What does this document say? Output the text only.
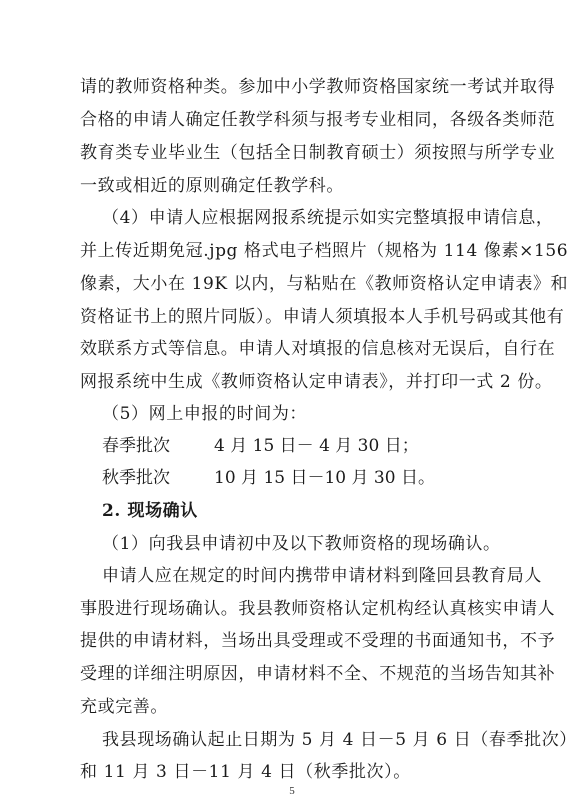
请的教师资格种类。参加中小学教师资格国家统一考试并取得
合格的申请人确定任教学科须与报考专业相同，各级各类师范
教育类专业毕业生（包括全日制教育硕士）须按照与所学专业
一致或相近的原则确定任教学科。
（4）申请人应根据网报系统提示如实完整填报申请信息，
并上传近期免冠.jpg 格式电子档照片（规格为 114 像素×156
像素，大小在 19K 以内，与粘贴在《教师资格认定申请表》和
资格证书上的照片同版）。申请人须填报本人手机号码或其他有
效联系方式等信息。申请人对填报的信息核对无误后，自行在
网报系统中生成《教师资格认定申请表》，并打印一式 2 份。
（5）网上申报的时间为：
春季批次	4 月 15 日－ 4 月 30 日；
秋季批次	10 月 15 日－10 月 30 日。
2. 现场确认
（1）向我县申请初中及以下教师资格的现场确认。
申请人应在规定的时间内携带申请材料到隆回县教育局人
事股进行现场确认。我县教师资格认定机构经认真核实申请人
提供的申请材料，当场出具受理或不受理的书面通知书，不予
受理的详细注明原因，申请材料不全、不规范的当场告知其补
充或完善。
我县现场确认起止日期为 5 月 4 日－5 月 6 日（春季批次）
和 11 月 3 日－11 月 4 日（秋季批次）。
5
